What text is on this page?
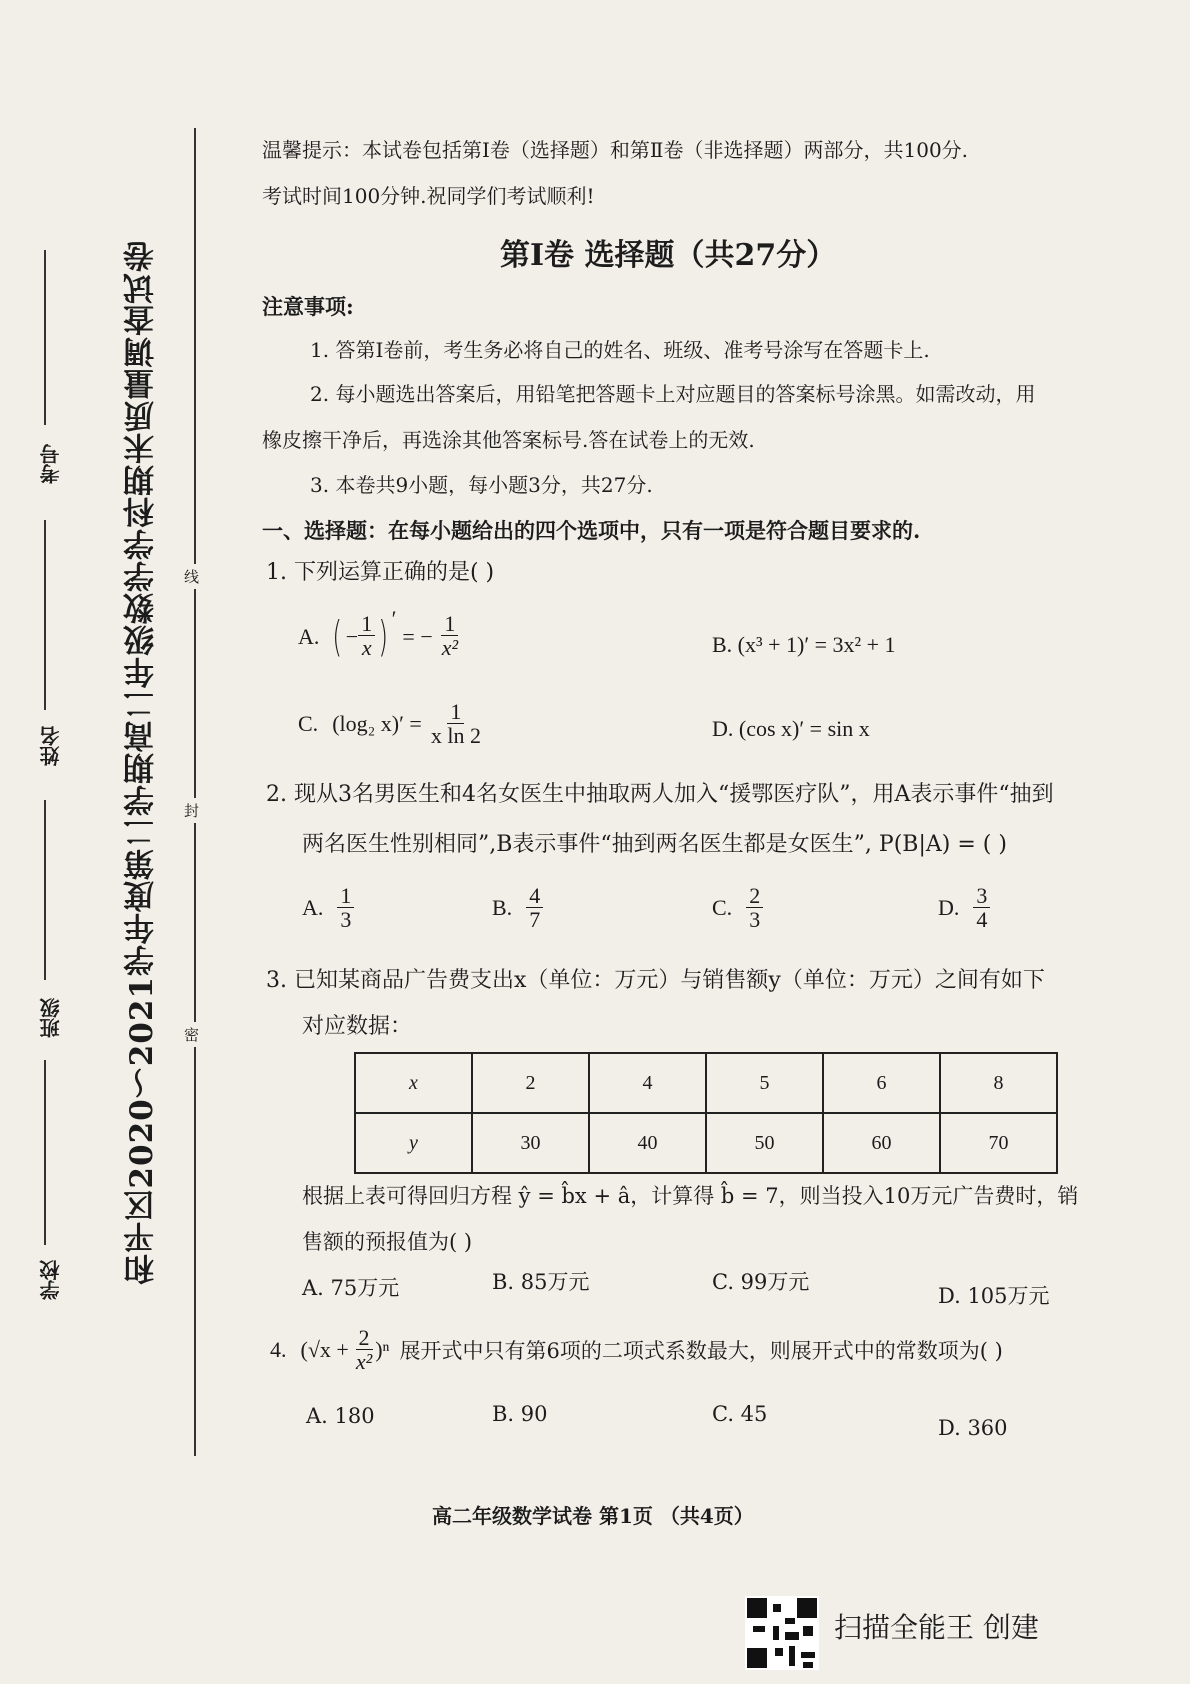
和平区2020～2021学年度第二学期高二年级数学学科期末质量调查试卷
考号
姓名
班级
学校
线
封
密
温馨提示：本试卷包括第Ⅰ卷（选择题）和第Ⅱ卷（非选择题）两部分，共100分.
考试时间100分钟.祝同学们考试顺利!
第Ⅰ卷 选择题（共27分）
注意事项:
1. 答第Ⅰ卷前，考生务必将自己的姓名、班级、准考号涂写在答题卡上.
2. 每小题选出答案后，用铅笔把答题卡上对应题目的答案标号涂黑。如需改动，用
橡皮擦干净后，再选涂其他答案标号.答在试卷上的无效.
3. 本卷共9小题，每小题3分，共27分.
一、选择题：在每小题给出的四个选项中，只有一项是符合题目要求的.
1. 下列运算正确的是( )
A. ( − $\frac{1}{x}$ ) ′
= − $\frac{1}{\text{x²}}$	B. (x³ + 1)′ = 3x² + 1
C. (log₂ $x)' = \frac{1}{\text{x ln 2}}$	D. (cos x)′ = sin x
2. 现从3名男医生和4名女医生中抽取两人加入“援鄂医疗队”，用A表示事件“抽到
两名医生性别相同”,B表示事件“抽到两名医生都是女医生”, P(B|A) = ( )
A. $\frac{1}{3}$	B. $\frac{4}{7}$	C. $\frac{2}{3}$	D. $\frac{3}{4}$
3. 已知某商品广告费支出x（单位：万元）与销售额y（单位：万元）之间有如下
对应数据：
x	2	4	5	6	8
y	30	40	50	60	70
根据上表可得回归方程 ŷ = b̂x + â，计算得 b̂ = 7，则当投入10万元广告费时，销
售额的预报值为( )
A. 75万元	B. 85万元	C. 99万元
D. 105万元
4. $(√x + \frac{2}{\text{x²}} )^n$ 展开式中只有第6项的二项式系数最大，则展开式中的常数项为( )
A. 180	B. 90	C. 45
D. 360
高二年级数学试卷 第1页 （共4页）
扫描全能王 创建
